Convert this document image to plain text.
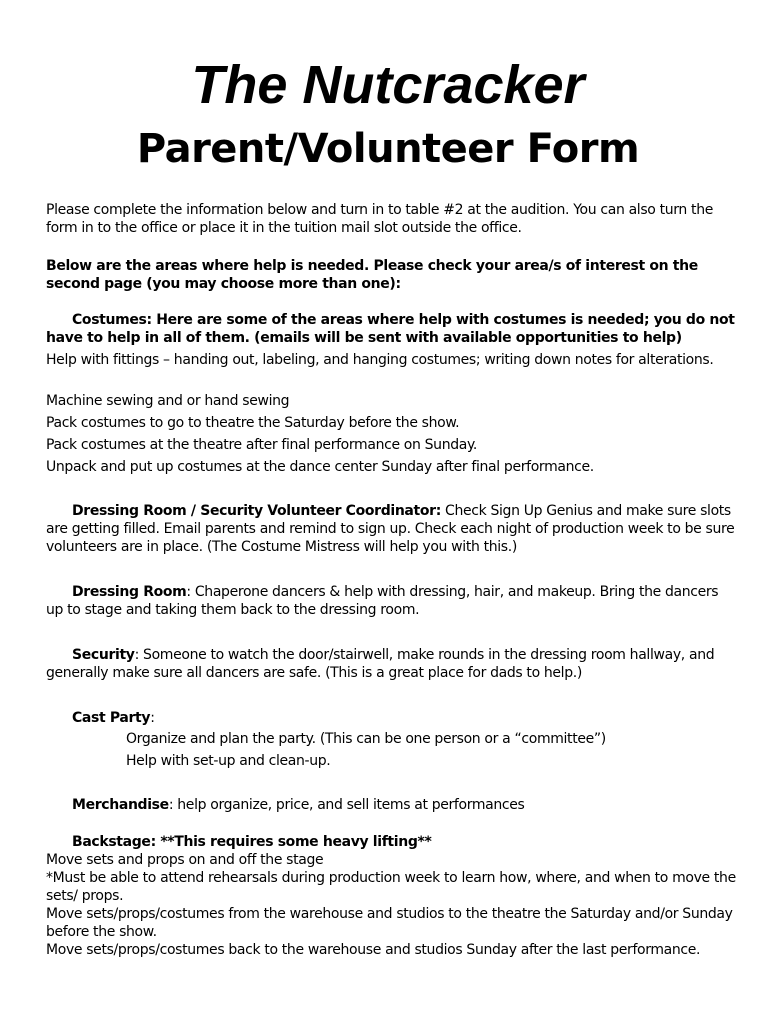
The Nutcracker
Parent/Volunteer Form

Please complete the information below and turn in to table #2 at the audition. You can also turn the form in to the office or place it in the tuition mail slot outside the office.

Below are the areas where help is needed. Please check your area/s of interest on the second page (you may choose more than one):

Costumes: Here are some of the areas where help with costumes is needed; you do not have to help in all of them. (emails will be sent with available opportunities to help)

Help with fittings – handing out, labeling, and hanging costumes; writing down notes for alterations.

Machine sewing and or hand sewing

Pack costumes to go to theatre the Saturday before the show.

Pack costumes at the theatre after final performance on Sunday.

Unpack and put up costumes at the dance center Sunday after final performance.

Dressing Room / Security Volunteer Coordinator: Check Sign Up Genius and make sure slots are getting filled. Email parents and remind to sign up. Check each night of production week to be sure volunteers are in place. (The Costume Mistress will help you with this.)

Dressing Room: Chaperone dancers & help with dressing, hair, and makeup. Bring the dancers up to stage and taking them back to the dressing room.

Security: Someone to watch the door/stairwell, make rounds in the dressing room hallway, and generally make sure all dancers are safe. (This is a great place for dads to help.)

Cast Party:

Organize and plan the party. (This can be one person or a “committee”)

Help with set-up and clean-up.

Merchandise: help organize, price, and sell items at performances

Backstage: **This requires some heavy lifting**

Move sets and props on and off the stage

*Must be able to attend rehearsals during production week to learn how, where, and when to move the sets/ props.

Move sets/props/costumes from the warehouse and studios to the theatre the Saturday and/or Sunday before the show.

Move sets/props/costumes back to the warehouse and studios Sunday after the last performance.
